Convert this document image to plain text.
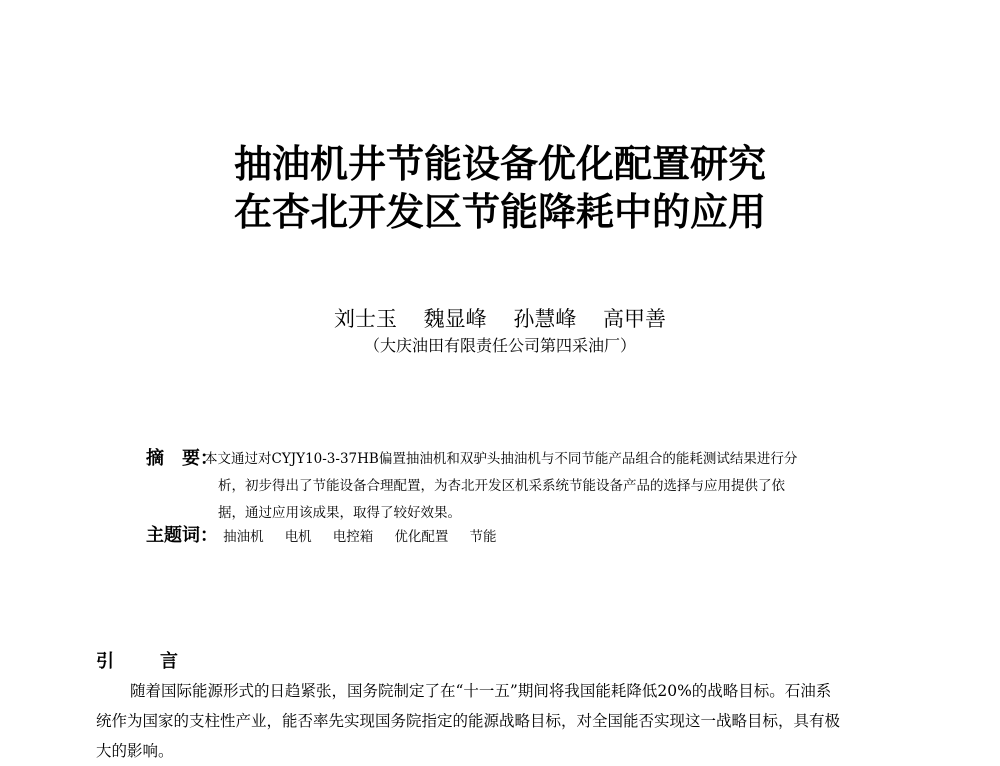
抽油机井节能设备优化配置研究
在杏北开发区节能降耗中的应用
刘士玉 魏显峰 孙慧峰 高甲善
（大庆油田有限责任公司第四采油厂）
摘　要：
本文通过对CYJY10-3-37HB偏置抽油机和双驴头抽油机与不同节能产品组合的能耗测试结果进行分
析，初步得出了节能设备合理配置，为杏北开发区机采系统节能设备产品的选择与应用提供了依
据，通过应用该成果，取得了较好效果。
主题词： 抽油机 电机 电控箱 优化配置 节能
引　言
随着国际能源形式的日趋紧张，国务院制定了在“十一五”期间将我国能耗降低20%的战略目标。石油系
统作为国家的支柱性产业，能否率先实现国务院指定的能源战略目标，对全国能否实现这一战略目标，具有极
大的影响。
